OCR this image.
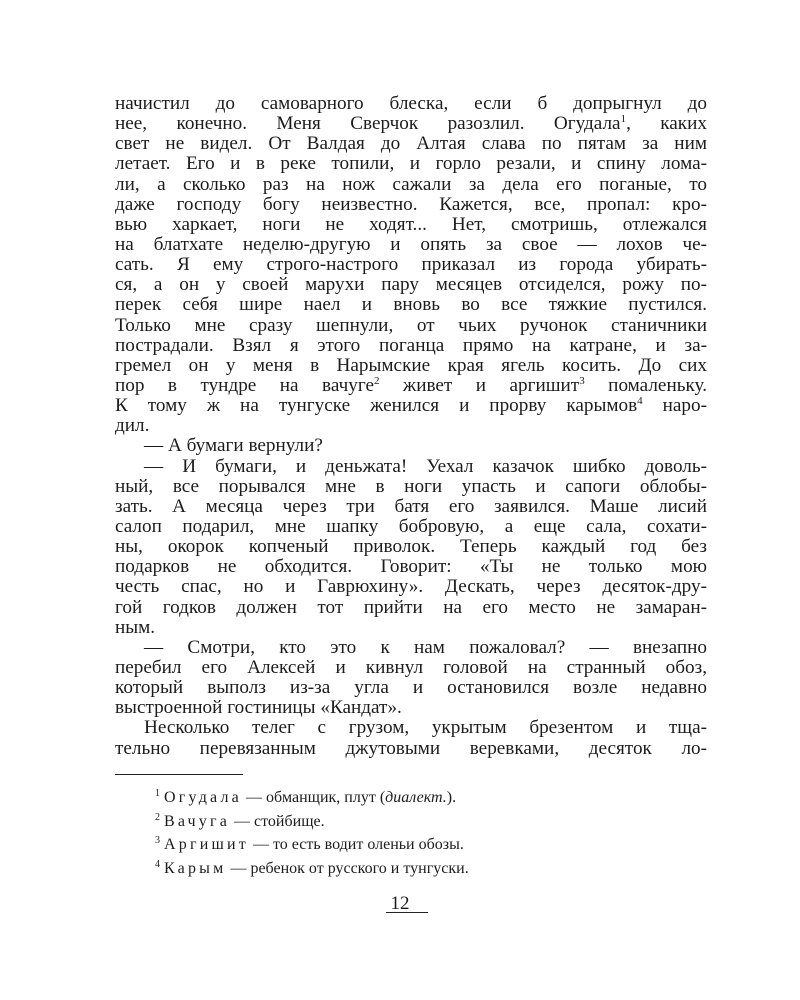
начистил до самоварного блеска, если б допрыгнул до
нее, конечно. Меня Сверчок разозлил. Огудала$^1$, каких
свет не видел. От Валдая до Алтая слава по пятам за ним
летает. Его и в реке топили, и горло резали, и спину лома-
ли, а сколько раз на нож сажали за дела его поганые, то
даже господу богу неизвестно. Кажется, все, пропал: кро-
вью харкает, ноги не ходят... Нет, смотришь, отлежался
на блатхате неделю-другую и опять за свое — лохов че-
сать. Я ему строго-настрого приказал из города убирать-
ся, а он у своей марухи пару месяцев отсиделся, рожу по-
перек себя шире наел и вновь во все тяжкие пустился.
Только мне сразу шепнули, от чьих ручонок станичники
пострадали. Взял я этого поганца прямо на катране, и за-
гремел он у меня в Нарымские края ягель косить. До сих
пор в тундре на вачуге$^2$ живет и аргишит$^3$ помаленьку.
К тому ж на тунгуске женился и прорву карымов$^4$ наро-
дил.
— А бумаги вернули?
— И бумаги, и деньжата! Уехал казачок шибко доволь-
ный, все порывался мне в ноги упасть и сапоги облобы-
зать. А месяца через три батя его заявился. Маше лисий
салоп подарил, мне шапку бобровую, а еще сала, сохати-
ны, окорок копченый приволок. Теперь каждый год без
подарков не обходится. Говорит: «Ты не только мою
честь спас, но и Гаврюхину». Дескать, через десяток-дру-
гой годков должен тот прийти на его место не замаран-
ным.
— Смотри, кто это к нам пожаловал? — внезапно
перебил его Алексей и кивнул головой на странный обоз,
который выполз из-за угла и остановился возле недавно
выстроенной гостиницы «Кандат».
Несколько телег с грузом, укрытым брезентом и тща-
тельно перевязанным джутовыми веревками, десяток ло-
$^1$ Огудала — обманщик, плут (диалект.).
$^2$ Вачуга — стойбище.
$^3$ Аргишит — то есть водит оленьи обозы.
$^4$ Карым — ребенок от русского и тунгуски.
12
